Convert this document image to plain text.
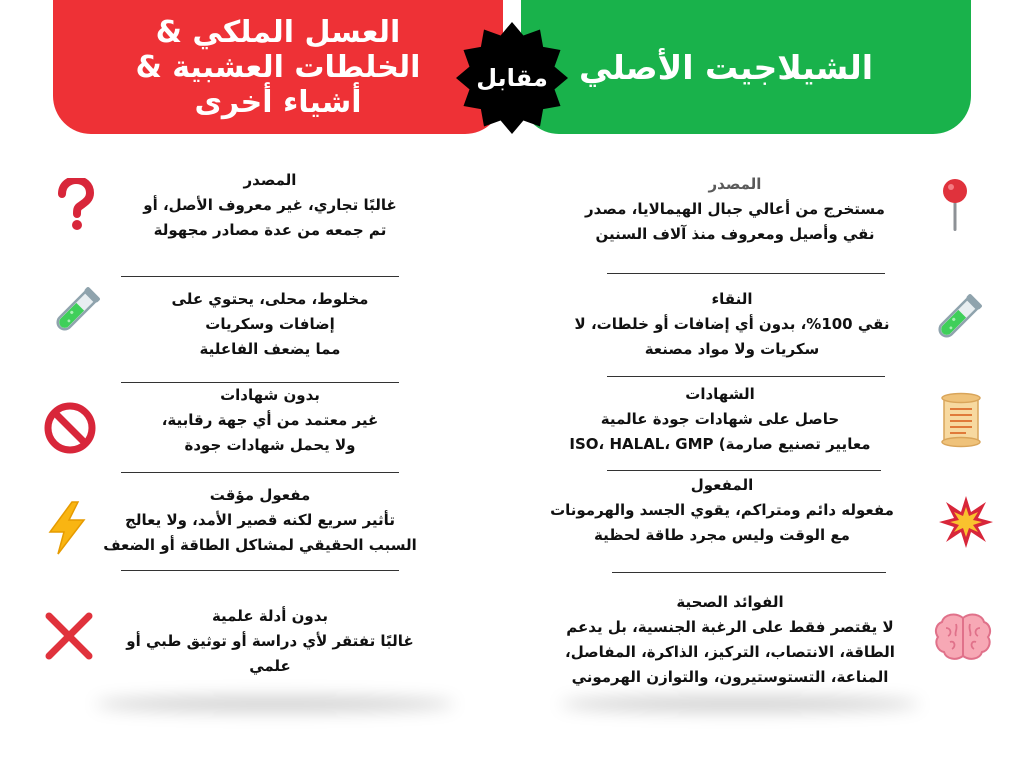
العسل الملكي &
الخلطات العشبية &
أشياء أخرى
الشيلاجيت الأصلي
مقابل
المصدر
غالبًا تجاري، غير معروف الأصل، أو
تم جمعه من عدة مصادر مجهولة
مخلوط، محلى، يحتوي على
إضافات وسكريات
مما يضعف الفاعلية
بدون شهادات
غير معتمد من أي جهة رقابية،
ولا يحمل شهادات جودة
مفعول مؤقت
تأثير سريع لكنه قصير الأمد، ولا يعالج
السبب الحقيقي لمشاكل الطاقة أو الضعف
بدون أدلة علمية
غالبًا تفتقر لأي دراسة أو توثيق طبي أو
علمي
المصدر
مستخرج من أعالي جبال الهيمالايا، مصدر
نقي وأصيل ومعروف منذ آلاف السنين
النقاء
نقي 100%، بدون أي إضافات أو خلطات، لا
سكريات ولا مواد مصنعة
الشهادات
حاصل على شهادات جودة عالمية
معايير تصنيع صارمة) ISO، HALAL، GMP
المفعول
مفعوله دائم ومتراكم، يقوي الجسد والهرمونات
مع الوقت وليس مجرد طاقة لحظية
الفوائد الصحية
لا يقتصر فقط على الرغبة الجنسية، بل يدعم
الطاقة، الانتصاب، التركيز، الذاكرة، المفاصل،
المناعة، التستوستيرون، والتوازن الهرموني
